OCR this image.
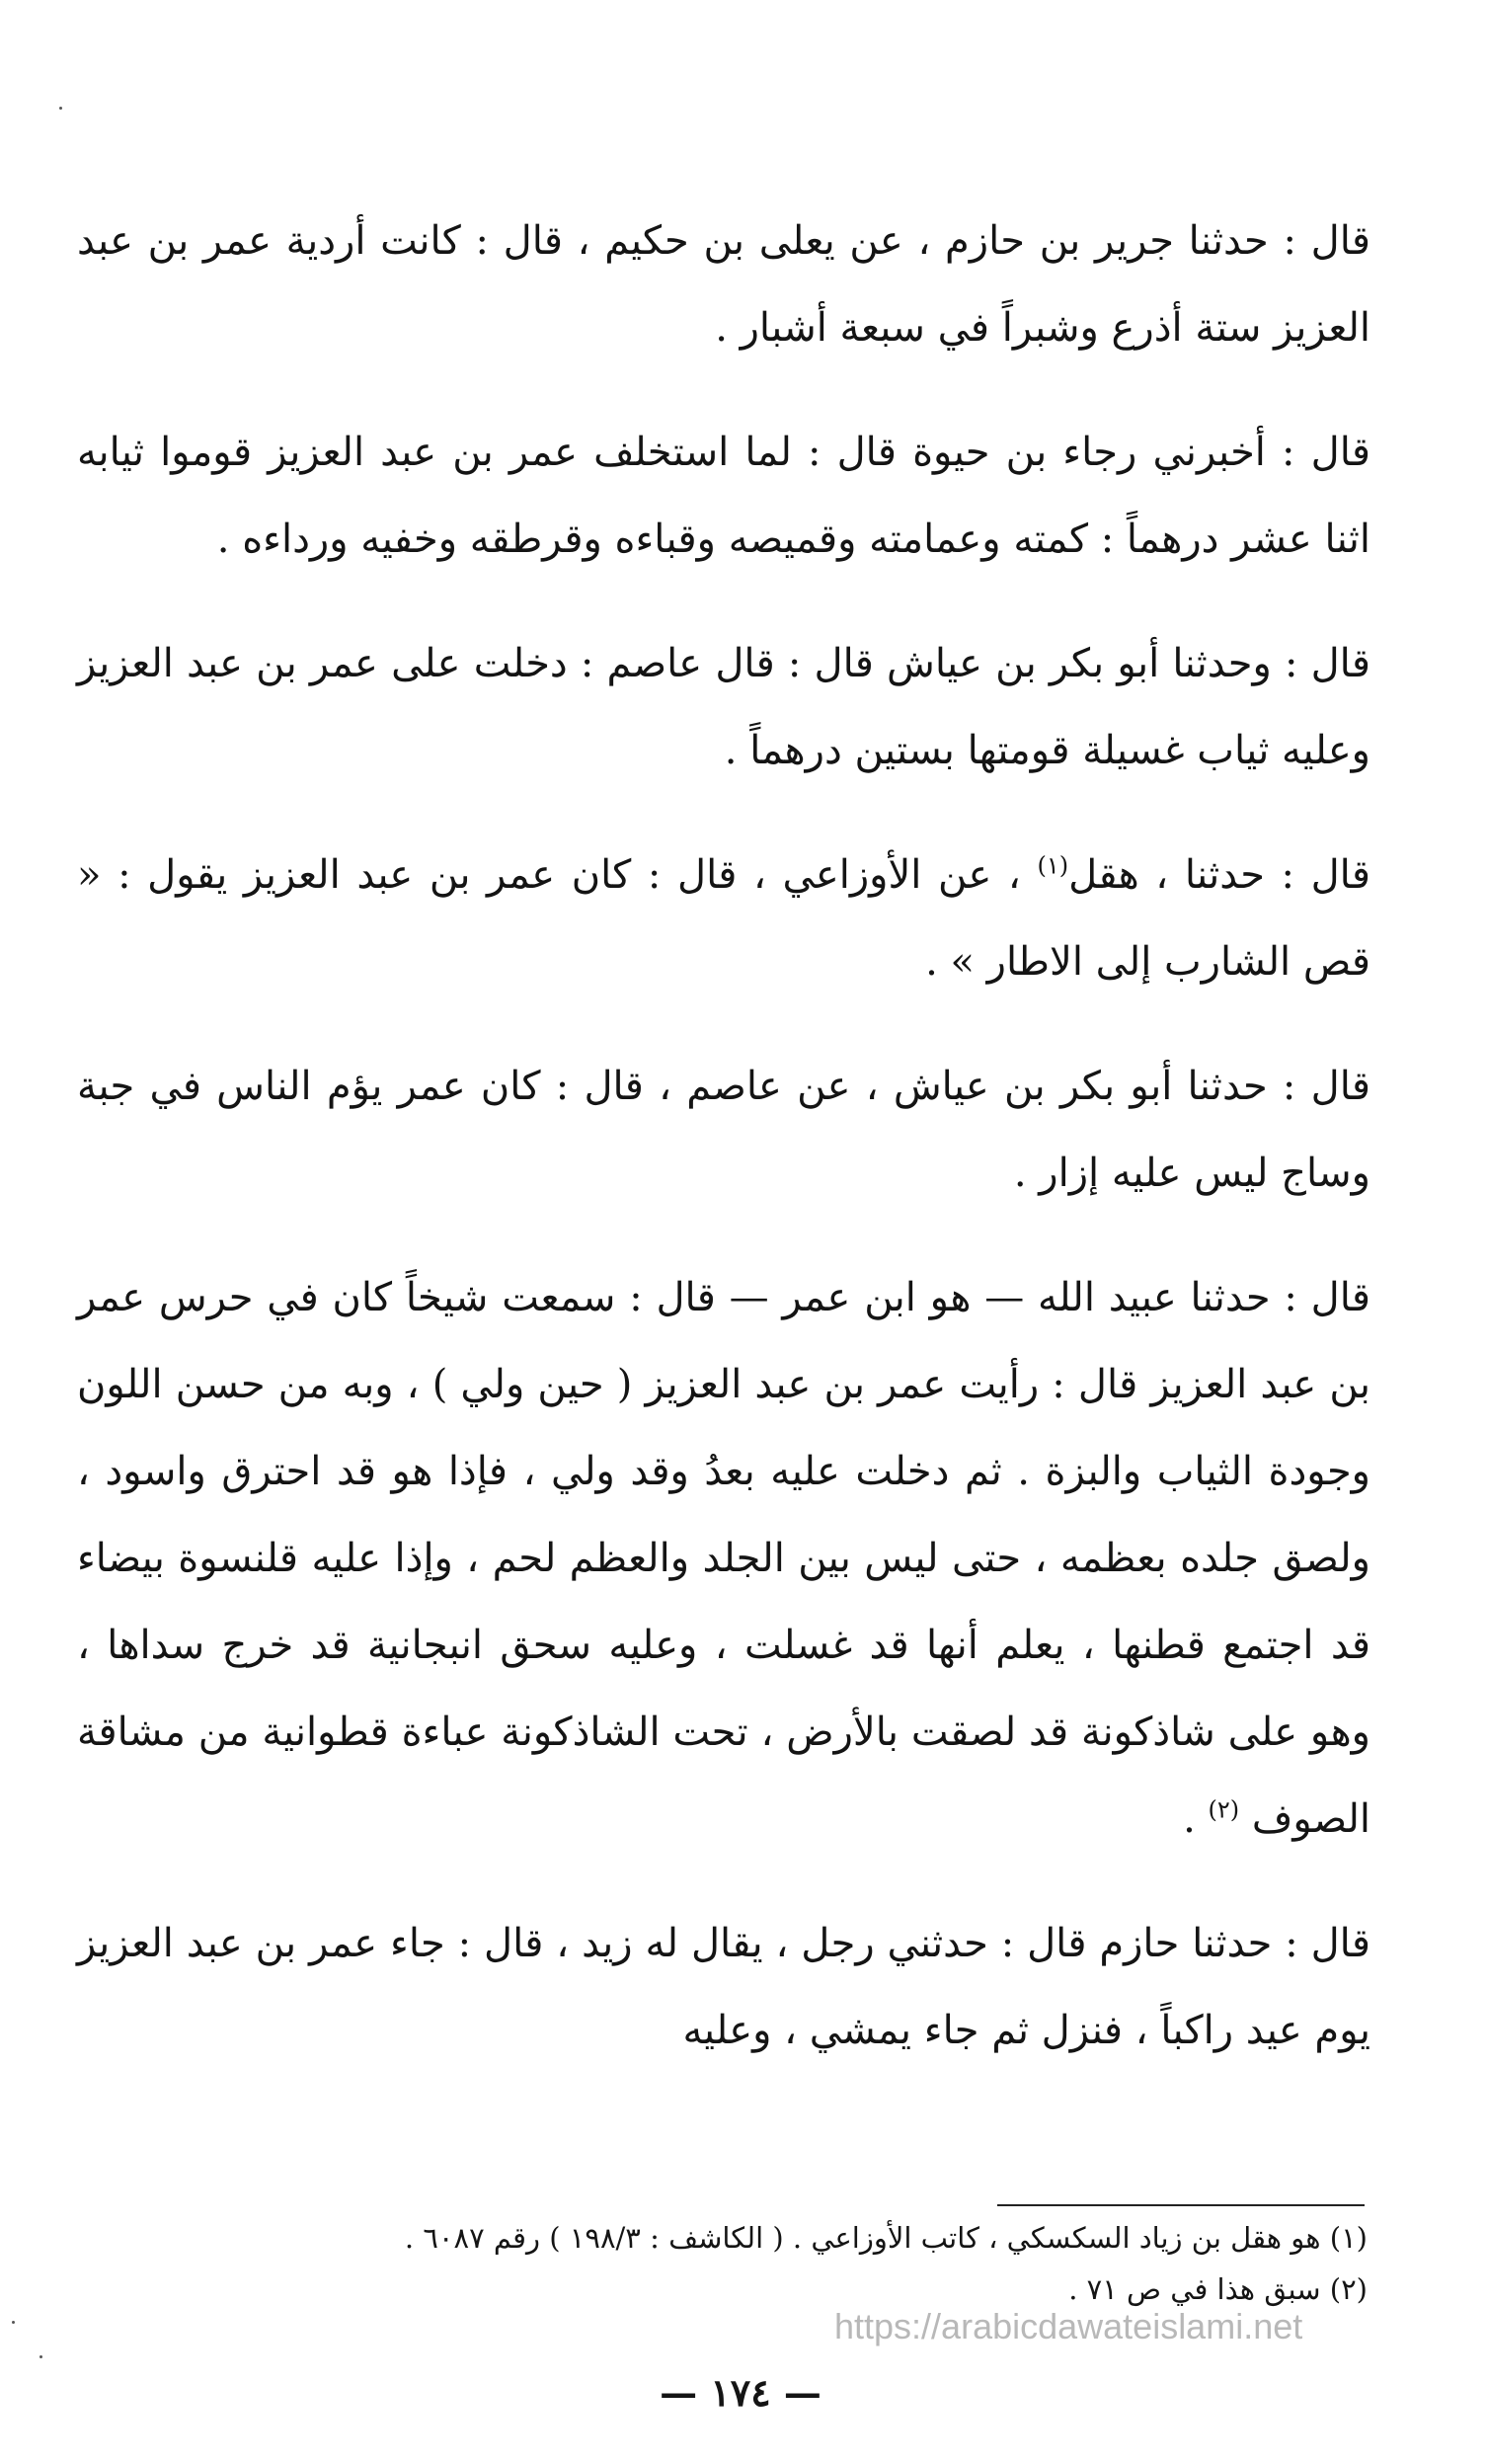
قال : حدثنا جرير بن حازم ، عن يعلى بن حكيم ، قال : كانت أردية عمر بن عبد العزيز ستة أذرع وشبراً في سبعة أشبار .

قال : أخبرني رجاء بن حيوة قال : لما استخلف عمر بن عبد العزيز قوموا ثيابه اثنا عشر درهماً : كمته وعمامته وقميصه وقباءه وقرطقه وخفيه ورداءه .

قال : وحدثنا أبو بكر بن عياش قال : قال عاصم : دخلت على عمر بن عبد العزيز وعليه ثياب غسيلة قومتها بستين درهماً .

قال : حدثنا ، هقل$^{(١)}$ ، عن الأوزاعي ، قال : كان عمر بن عبد العزيز يقول : « قص الشارب إلى الاطار » .

قال : حدثنا أبو بكر بن عياش ، عن عاصم ، قال : كان عمر يؤم الناس في جبة وساج ليس عليه إزار .

قال : حدثنا عبيد الله — هو ابن عمر — قال : سمعت شيخاً كان في حرس عمر بن عبد العزيز قال : رأيت عمر بن عبد العزيز ( حين ولي ) ، وبه من حسن اللون وجودة الثياب والبزة . ثم دخلت عليه بعدُ وقد ولي ، فإذا هو قد احترق واسود ، ولصق جلده بعظمه ، حتى ليس بين الجلد والعظم لحم ، وإذا عليه قلنسوة بيضاء قد اجتمع قطنها ، يعلم أنها قد غسلت ، وعليه سحق انبجانية قد خرج سداها ، وهو على شاذكونة قد لصقت بالأرض ، تحت الشاذكونة عباءة قطوانية من مشاقة الصوف $^{(٢)}$ .

قال : حدثنا حازم قال : حدثني رجل ، يقال له زيد ، قال : جاء عمر بن عبد العزيز يوم عيد راكباً ، فنزل ثم جاء يمشي ، وعليه

(١) هو هقل بن زياد السكسكي ، كاتب الأوزاعي . ( الكاشف : ١٩٨/٣ ) رقم ٦٠٨٧ .
(٢) سبق هذا في ص ٧١ .
https://arabicdawateislami.net
— ١٧٤ —
